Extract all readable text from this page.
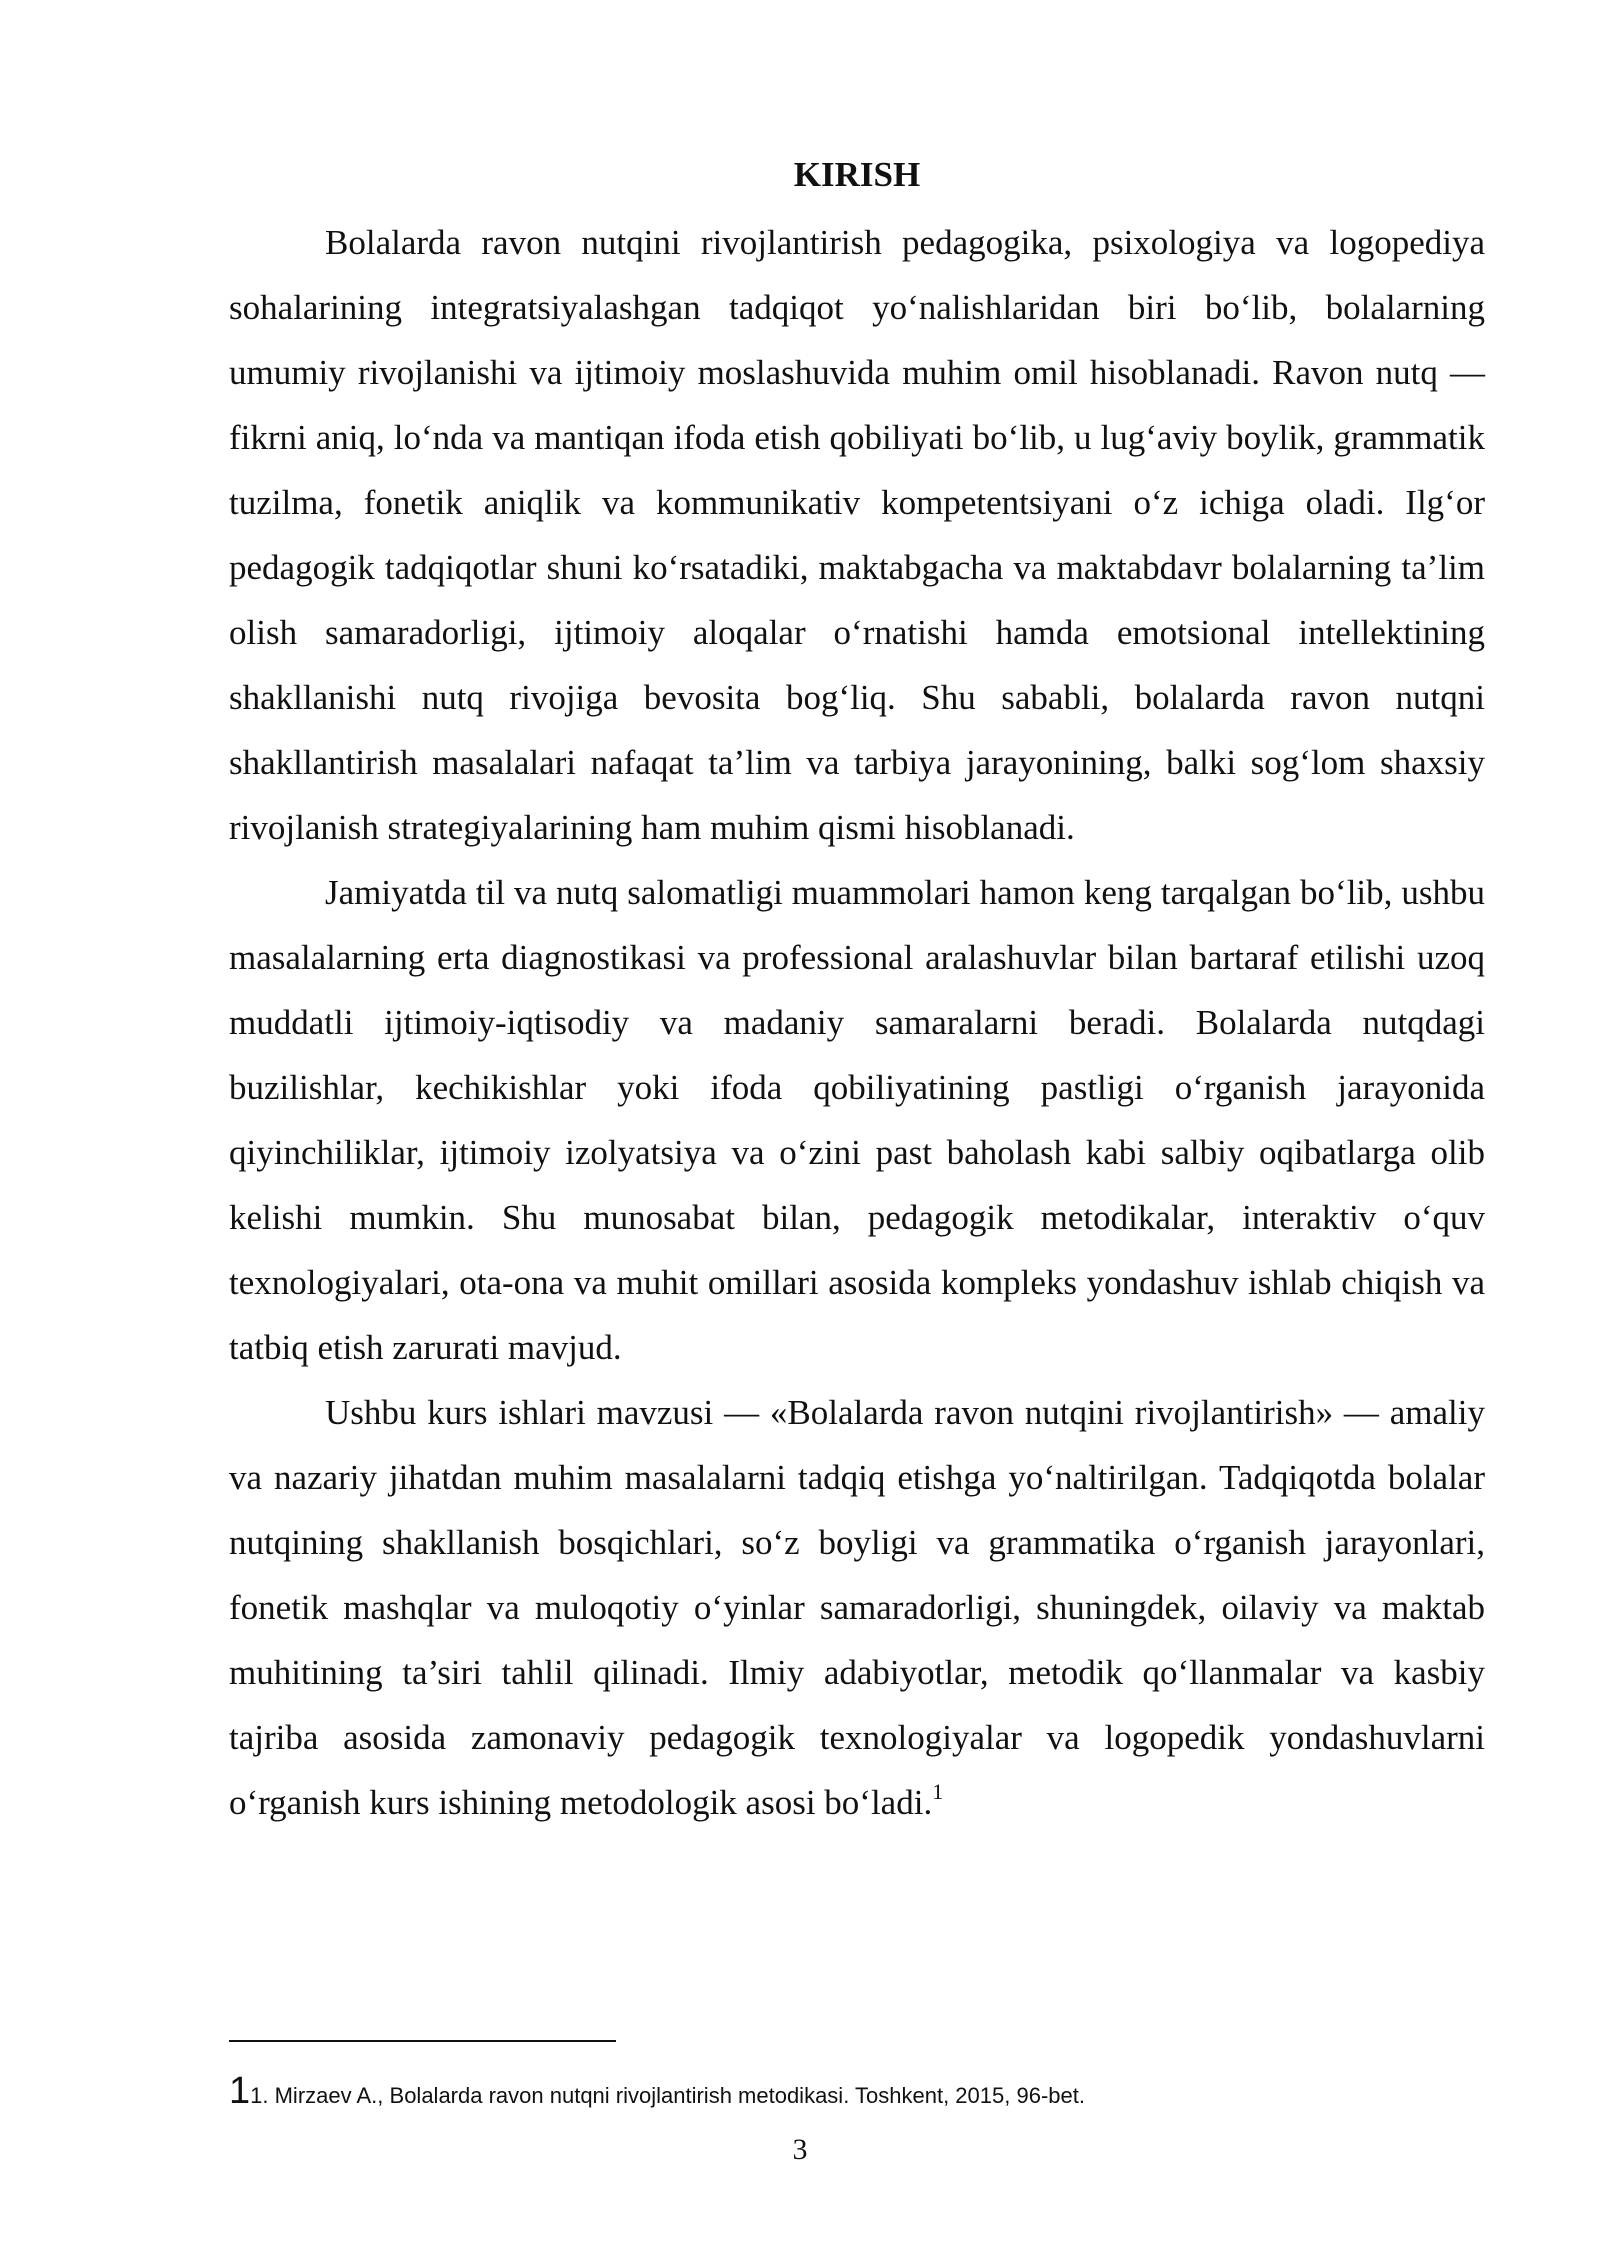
KIRISH

Bolalarda ravon nutqini rivojlantirish pedagogika, psixologiya va logopediya sohalarining integratsiyalashgan tadqiqot yo‘nalishlaridan biri bo‘lib, bolalarning umumiy rivojlanishi va ijtimoiy moslashuvida muhim omil hisoblanadi. Ravon nutq — fikrni aniq, lo‘nda va mantiqan ifoda etish qobiliyati bo‘lib, u lug‘aviy boylik, grammatik tuzilma, fonetik aniqlik va kommunikativ kompetentsiyani o‘z ichiga oladi. Ilg‘or pedagogik tadqiqotlar shuni ko‘rsatadiki, maktabgacha va maktabdavr bolalarning ta’lim olish samaradorligi, ijtimoiy aloqalar o‘rnatishi hamda emotsional intellektining shakllanishi nutq rivojiga bevosita bog‘liq. Shu sababli, bolalarda ravon nutqni shakllantirish masalalari nafaqat ta’lim va tarbiya jarayonining, balki sog‘lom shaxsiy rivojlanish strategiyalarining ham muhim qismi hisoblanadi.

Jamiyatda til va nutq salomatligi muammolari hamon keng tarqalgan bo‘lib, ushbu masalalarning erta diagnostikasi va professional aralashuvlar bilan bartaraf etilishi uzoq muddatli ijtimoiy-iqtisodiy va madaniy samaralarni beradi. Bolalarda nutqdagi buzilishlar, kechikishlar yoki ifoda qobiliyatining pastligi o‘rganish jarayonida qiyinchiliklar, ijtimoiy izolyatsiya va o‘zini past baholash kabi salbiy oqibatlarga olib kelishi mumkin. Shu munosabat bilan, pedagogik metodikalar, interaktiv o‘quv texnologiyalari, ota-ona va muhit omillari asosida kompleks yondashuv ishlab chiqish va tatbiq etish zarurati mavjud.

Ushbu kurs ishlari mavzusi — «Bolalarda ravon nutqini rivojlantirish» — amaliy va nazariy jihatdan muhim masalalarni tadqiq etishga yo‘naltirilgan. Tadqiqotda bolalar nutqining shakllanish bosqichlari, so‘z boyligi va grammatika o‘rganish jarayonlari, fonetik mashqlar va muloqotiy o‘yinlar samaradorligi, shuningdek, oilaviy va maktab muhitining ta’siri tahlil qilinadi. Ilmiy adabiyotlar, metodik qo‘llanmalar va kasbiy tajriba asosida zamonaviy pedagogik texnologiyalar va logopedik yondashuvlarni o‘rganish kurs ishining metodologik asosi bo‘ladi.$^1$

11. Mirzaev A., Bolalarda ravon nutqni rivojlantirish metodikasi. Toshkent, 2015, 96-bet.
3
